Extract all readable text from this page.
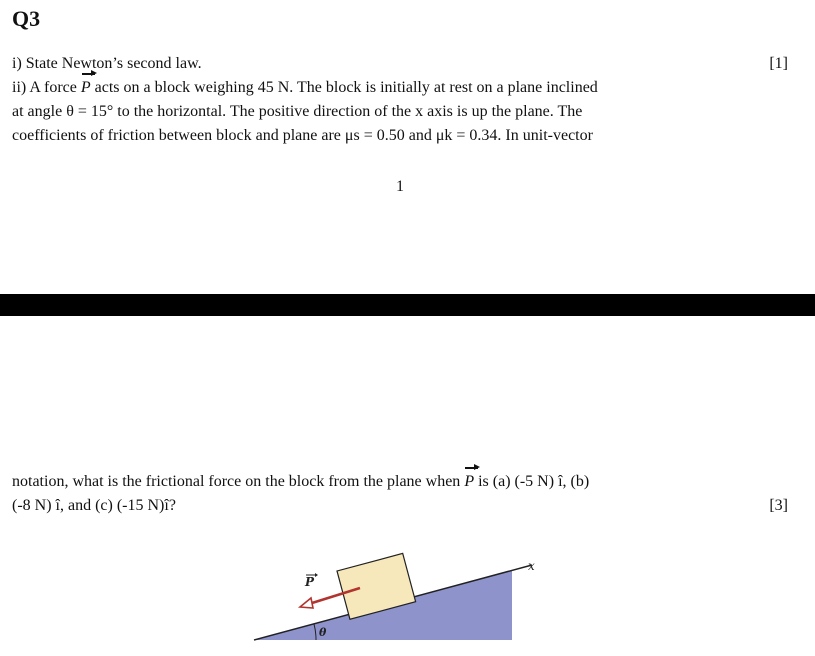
Q3
i) State Newton’s second law.	[1]
ii) A force P acts on a block weighing 45 N. The block is initially at rest on a plane inclined
at angle θ = 15° to the horizontal. The positive direction of the x axis is up the plane. The
coefficients of friction between block and plane are μs = 0.50 and μk = 0.34. In unit-vector
1
notation, what is the frictional force on the block from the plane when P is (a) (-5 N) î, (b)
(-8 N) î, and (c) (-15 N)î?	[3]
x
P
θ
